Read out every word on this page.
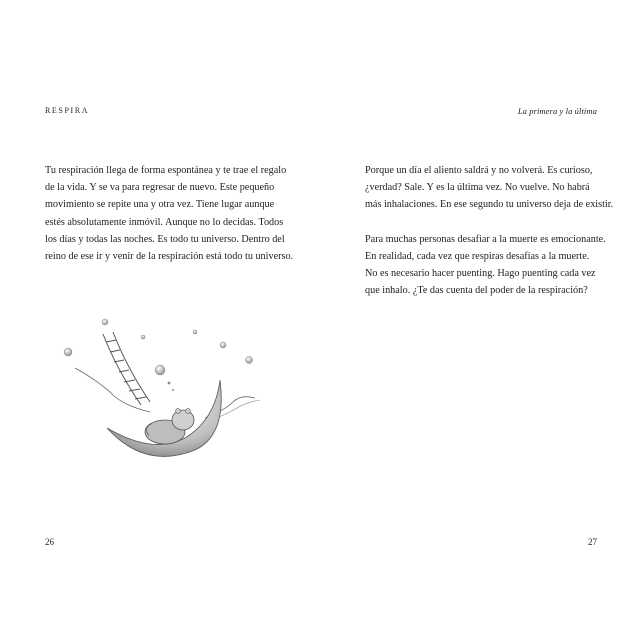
RESPIRA

Tu respiración llega de forma espontánea y te trae el regalo
de la vida. Y se va para regresar de nuevo. Este pequeño
movimiento se repite una y otra vez. Tiene lugar aunque
estés absolutamente inmóvil. Aunque no lo decidas. Todos
los días y todas las noches. Es todo tu universo. Dentro del
reino de ese ir y venir de la respiración está todo tu universo.

26
La primera y la última

Porque un día el aliento saldrá y no volverá. Es curioso,
¿verdad? Sale. Y es la última vez. No vuelve. No habrá
más inhalaciones. En ese segundo tu universo deja de existir.

Para muchas personas desafiar a la muerte es emocionante.
En realidad, cada vez que respiras desafías a la muerte.
No es necesario hacer puenting. Hago puenting cada vez
que inhalo. ¿Te das cuenta del poder de la respiración?

27
